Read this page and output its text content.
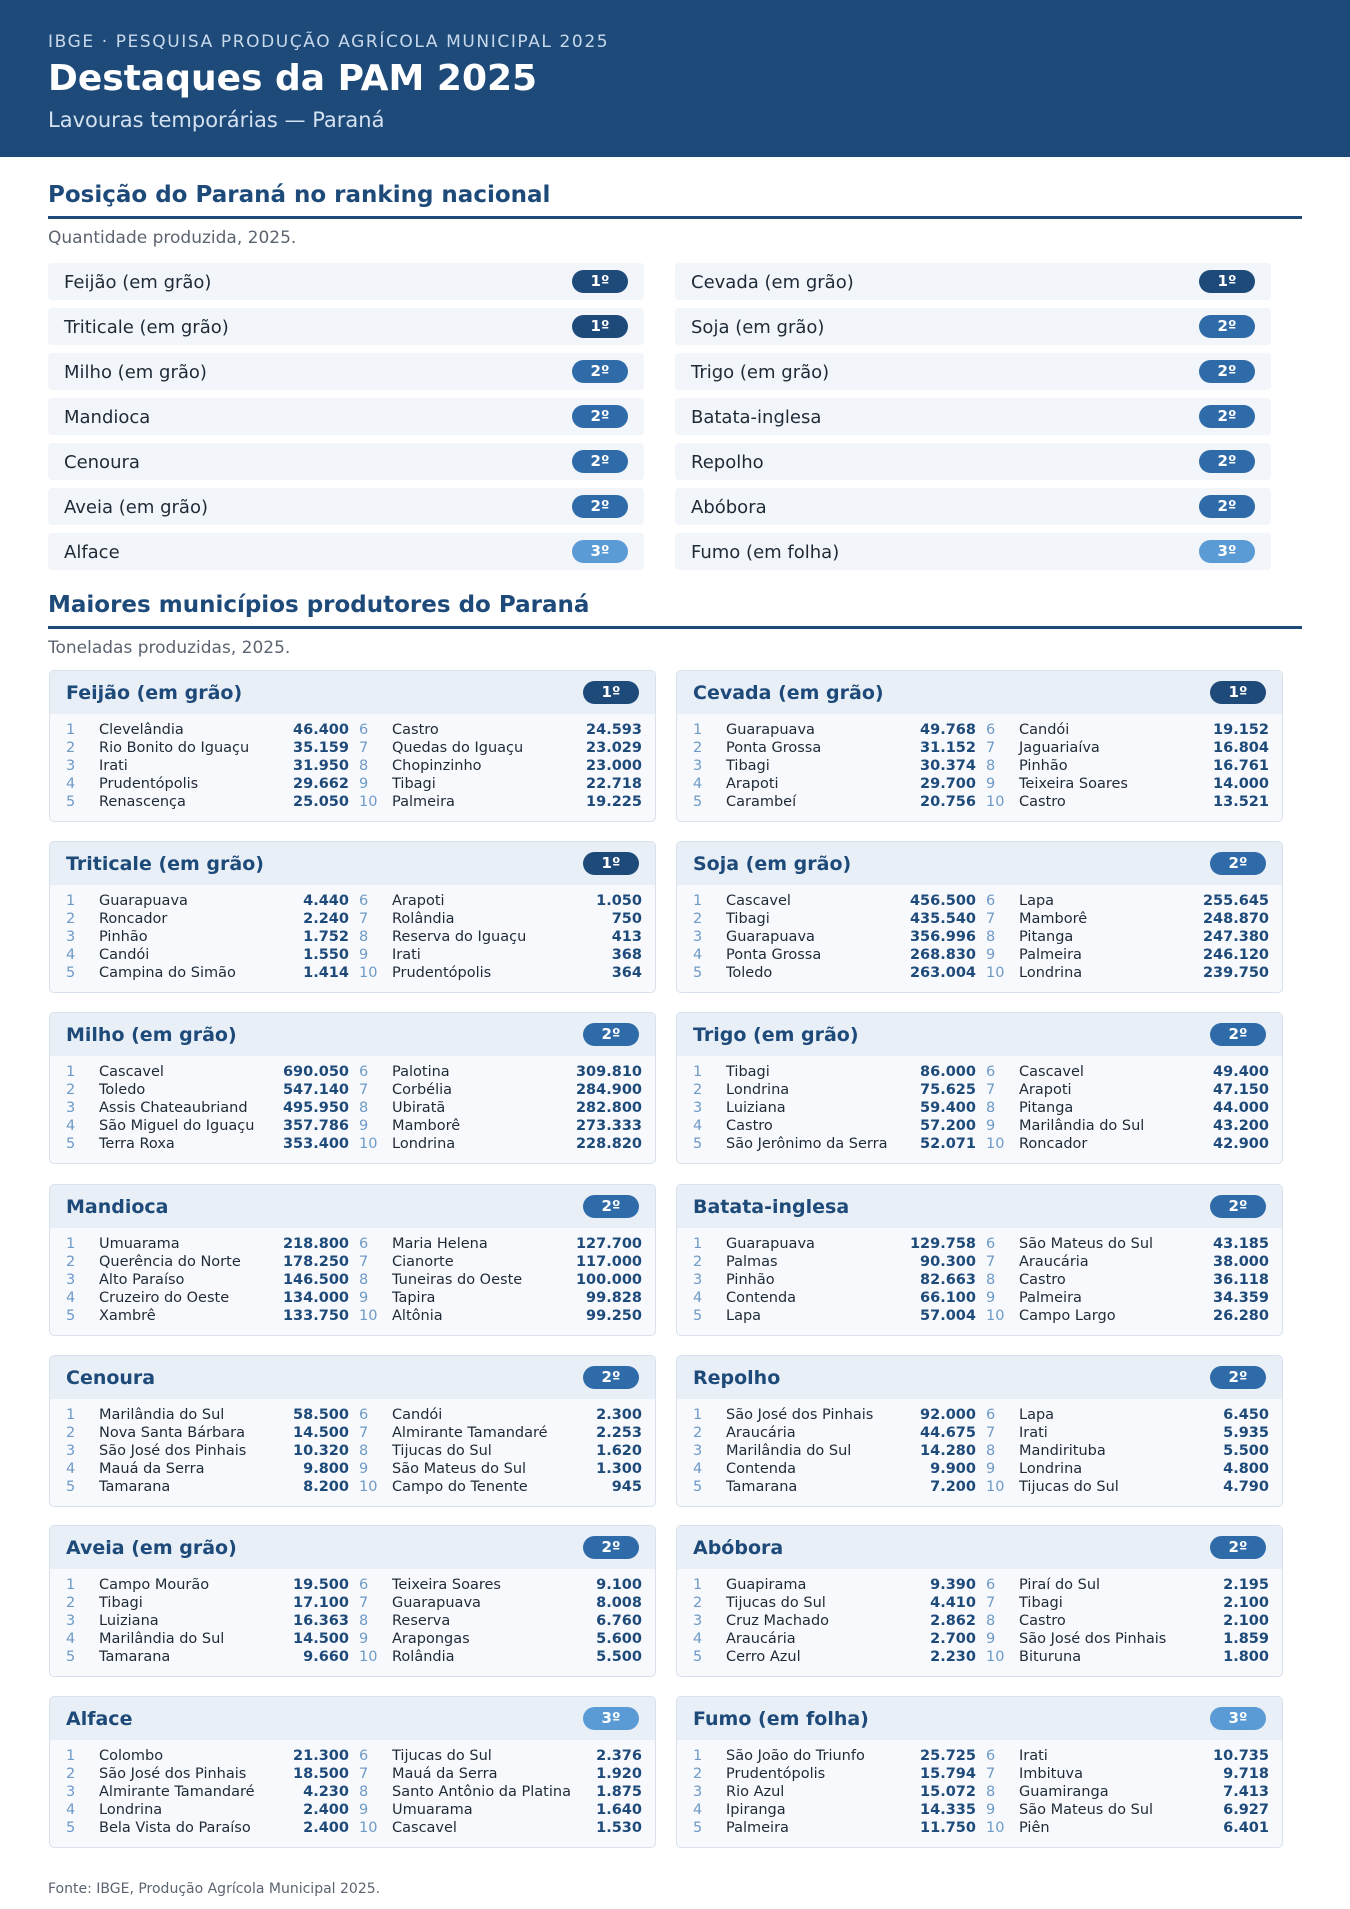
IBGE · PESQUISA PRODUÇÃO AGRÍCOLA MUNICIPAL 2025
Destaques da PAM 2025
Lavouras temporárias — Paraná
Posição do Paraná no ranking nacional
Quantidade produzida, 2025.
Feijão (em grão)	1º
Triticale (em grão)	1º
Milho (em grão)	2º
Mandioca	2º
Cenoura	2º
Aveia (em grão)	2º
Alface	3º
Cevada (em grão)	1º
Soja (em grão)	2º
Trigo (em grão)	2º
Batata-inglesa	2º
Repolho	2º
Abóbora	2º
Fumo (em folha)	3º
Maiores municípios produtores do Paraná
Toneladas produzidas, 2025.
Feijão (em grão)	1º
1 Clevelândia	46.400
2 Rio Bonito do Iguaçu	35.159
3 Irati	31.950
4 Prudentópolis	29.662
5 Renascença	25.050
6 Castro	24.593
7 Quedas do Iguaçu	23.029
8 Chopinzinho	23.000
9 Tibagi	22.718
10 Palmeira	19.225
Cevada (em grão)	1º
1 Guarapuava	49.768
2 Ponta Grossa	31.152
3 Tibagi	30.374
4 Arapoti	29.700
5 Carambeí	20.756
6 Candói	19.152
7 Jaguariaíva	16.804
8 Pinhão	16.761
9 Teixeira Soares	14.000
10 Castro	13.521
Triticale (em grão)	1º
1 Guarapuava	4.440
2 Roncador	2.240
3 Pinhão	1.752
4 Candói	1.550
5 Campina do Simão	1.414
6 Arapoti	1.050
7 Rolândia	750
8 Reserva do Iguaçu	413
9 Irati	368
10 Prudentópolis	364
Soja (em grão)	2º
1 Cascavel	456.500
2 Tibagi	435.540
3 Guarapuava	356.996
4 Ponta Grossa	268.830
5 Toledo	263.004
6 Lapa	255.645
7 Mamborê	248.870
8 Pitanga	247.380
9 Palmeira	246.120
10 Londrina	239.750
Milho (em grão)	2º
1 Cascavel	690.050
2 Toledo	547.140
3 Assis Chateaubriand 495.950
4 São Miguel do Iguaçu 357.786
5 Terra Roxa	353.400
6 Palotina	309.810
7 Corbélia	284.900
8 Ubiratã	282.800
9 Mamborê	273.333
10 Londrina	228.820
Trigo (em grão)	2º
1 Tibagi	86.000
2 Londrina	75.625
3 Luiziana	59.400
4 Castro	57.200
5 São Jerônimo da Serra 52.071
6 Cascavel	49.400
7 Arapoti	47.150
8 Pitanga	44.000
9 Marilândia do Sul	43.200
10 Roncador	42.900
Mandioca	2º
1 Umuarama	218.800
2 Querência do Norte	178.250
3 Alto Paraíso	146.500
4 Cruzeiro do Oeste	134.000
5 Xambrê	133.750
6 Maria Helena	127.700
7 Cianorte	117.000
8 Tuneiras do Oeste	100.000
9 Tapira	99.828
10 Altônia	99.250
Batata-inglesa	2º
1 Guarapuava	129.758
2 Palmas	90.300
3 Pinhão	82.663
4 Contenda	66.100
5 Lapa	57.004
6 São Mateus do Sul	43.185
7 Araucária	38.000
8 Castro	36.118
9 Palmeira	34.359
10 Campo Largo	26.280
Cenoura	2º
1 Marilândia do Sul	58.500
2 Nova Santa Bárbara	14.500
3 São José dos Pinhais	10.320
4 Mauá da Serra	9.800
5 Tamarana	8.200
6 Candói	2.300
7 Almirante Tamandaré	2.253
8 Tijucas do Sul	1.620
9 São Mateus do Sul	1.300
10 Campo do Tenente	945
Repolho	2º
1 São José dos Pinhais	92.000
2 Araucária	44.675
3 Marilândia do Sul	14.280
4 Contenda	9.900
5 Tamarana	7.200
6 Lapa	6.450
7 Irati	5.935
8 Mandirituba	5.500
9 Londrina	4.800
10 Tijucas do Sul	4.790
Aveia (em grão)	2º
1 Campo Mourão	19.500
2 Tibagi	17.100
3 Luiziana	16.363
4 Marilândia do Sul	14.500
5 Tamarana	9.660
6 Teixeira Soares	9.100
7 Guarapuava	8.008
8 Reserva	6.760
9 Arapongas	5.600
10 Rolândia	5.500
Abóbora	2º
1 Guapirama	9.390
2 Tijucas do Sul	4.410
3 Cruz Machado	2.862
4 Araucária	2.700
5 Cerro Azul	2.230
6 Piraí do Sul	2.195
7 Tibagi	2.100
8 Castro	2.100
9 São José dos Pinhais	1.859
10 Bituruna	1.800
Alface	3º
1 Colombo	21.300
2 São José dos Pinhais	18.500
3 Almirante Tamandaré	4.230
4 Londrina	2.400
5 Bela Vista do Paraíso	2.400
6 Tijucas do Sul	2.376
7 Mauá da Serra	1.920
8 Santo Antônio da Platina 1.875
9 Umuarama	1.640
10 Cascavel	1.530
Fumo (em folha)	3º
1 São João do Triunfo	25.725
2 Prudentópolis	15.794
3 Rio Azul	15.072
4 Ipiranga	14.335
5 Palmeira	11.750
6 Irati	10.735
7 Imbituva	9.718
8 Guamiranga	7.413
9 São Mateus do Sul	6.927
10 Piên	6.401
Fonte: IBGE, Produção Agrícola Municipal 2025.
